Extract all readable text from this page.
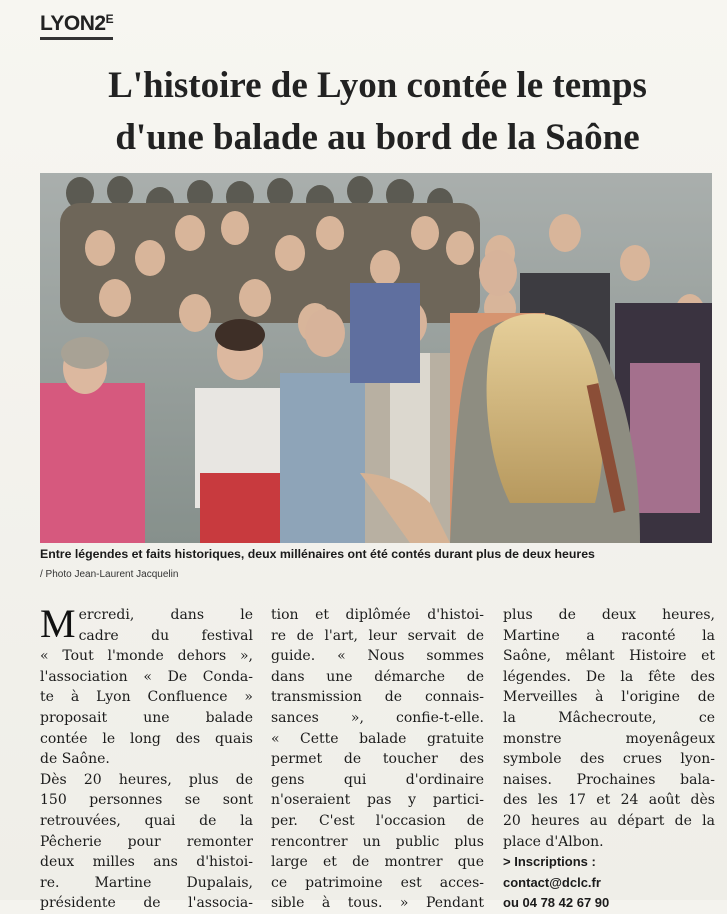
$LYON2^E$
L'histoire de Lyon contée le temps
d'une balade au bord de la Saône
Entre légendes et faits historiques, deux millénaires ont été contés durant plus de deux heures
/ Photo Jean-Laurent Jacquelin
M ercredi, dans le
cadre du festival
« Tout l'monde dehors »,
l'association « De Conda-
te à Lyon Confluence »
proposait une balade
contée le long des quais
de Saône.
Dès 20 heures, plus de
150 personnes se sont
retrouvées, quai de la
Pêcherie pour remonter
deux milles ans d'histoi-
re. Martine Dupalais,
présidente de l'associa-
tion et diplômée d'histoi-
re de l'art, leur servait de
guide. « Nous sommes
dans une démarche de
transmission de connais-
sances », confie-t-elle.
« Cette balade gratuite
permet de toucher des
gens qui d'ordinaire
n'oseraient pas y partici-
per. C'est l'occasion de
rencontrer un public plus
large et de montrer que
ce patrimoine est acces-
sible à tous. » Pendant
plus de deux heures,
Martine a raconté la
Saône, mêlant Histoire et
légendes. De la fête des
Merveilles à l'origine de
la Mâchecroute, ce
monstre moyenâgeux
symbole des crues lyon-
naises. Prochaines bala-
des les 17 et 24 août dès
20 heures au départ de la
place d'Albon.
> Inscriptions :
contact@dclc.fr
ou 04 78 42 67 90
